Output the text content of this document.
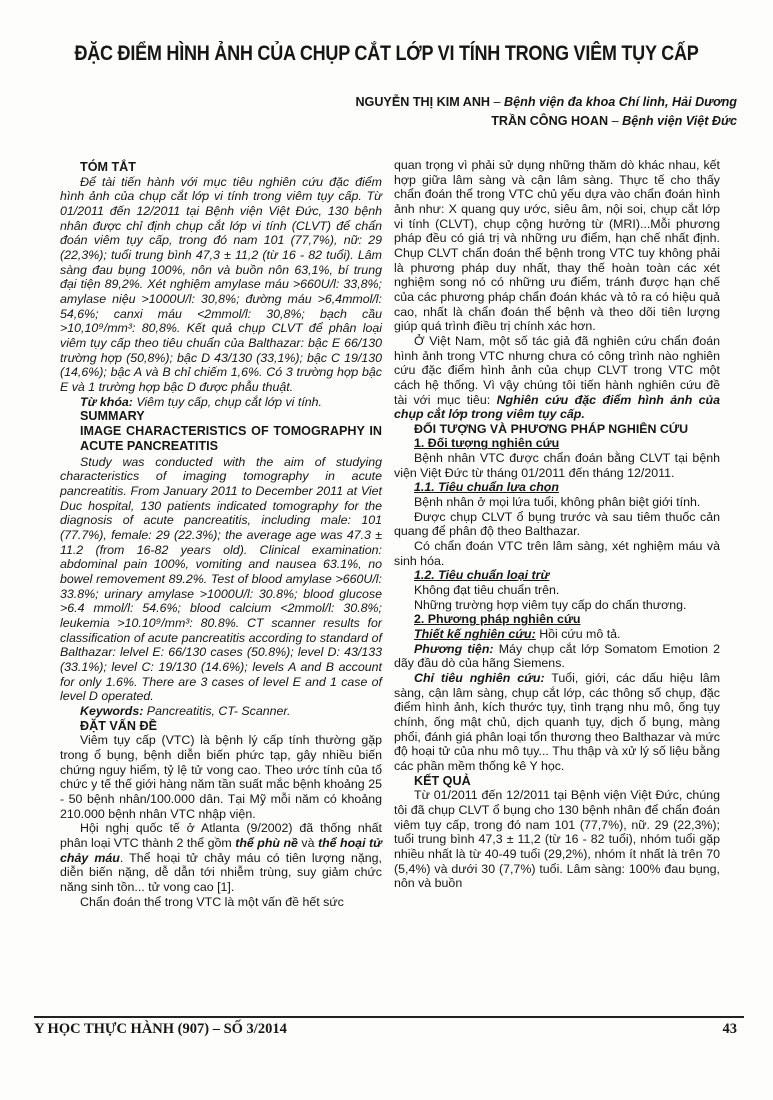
ĐẶC ĐIỂM HÌNH ẢNH CỦA CHỤP CẮT LỚP VI TÍNH TRONG VIÊM TỤY CẤP
NGUYỄN THỊ KIM ANH – Bệnh viện đa khoa Chí linh, Hải Dương
TRẦN CÔNG HOAN – Bệnh viện Việt Đức

TÓM TẮT

Để tài tiến hành với mục tiêu nghiên cứu đặc điểm hình ảnh của chụp cắt lớp vi tính trong viêm tụy cấp. Từ 01/2011 đến 12/2011 tại Bệnh viện Việt Đức, 130 bệnh nhân được chỉ định chụp cắt lớp vi tính (CLVT) để chẩn đoán viêm tụy cấp, trong đó nam 101 (77,7%), nữ: 29 (22,3%); tuổi trung bình 47,3 ± 11,2 (từ 16 - 82 tuổi). Lâm sàng đau bụng 100%, nôn và buồn nôn 63,1%, bí trung đại tiện 89,2%. Xét nghiệm amylase máu >660U/l: 33,8%; amylase niệu >1000U/l: 30,8%; đường máu >6,4mmol/l: 54,6%; canxi máu <2mmol/l: 30,8%; bạch cầu >10,10⁹/mm³: 80,8%. Kết quả chụp CLVT để phân loại viêm tụy cấp theo tiêu chuẩn của Balthazar: bậc E 66/130 trường hợp (50,8%); bậc D 43/130 (33,1%); bậc C 19/130 (14,6%); bậc A và B chỉ chiếm 1,6%. Có 3 trường hợp bậc E và 1 trường hợp bậc D được phẫu thuật.

Từ khóa: Viêm tụy cấp, chụp cắt lớp vi tính.

SUMMARY

IMAGE CHARACTERISTICS OF TOMOGRAPHY IN ACUTE PANCREATITIS

Study was conducted with the aim of studying characteristics of imaging tomography in acute pancreatitis. From January 2011 to December 2011 at Viet Duc hospital, 130 patients indicated tomography for the diagnosis of acute pancreatitis, including male: 101 (77.7%), female: 29 (22.3%); the average age was 47.3 ± 11.2 (from 16-82 years old). Clinical examination: abdominal pain 100%, vomiting and nausea 63.1%, no bowel removement 89.2%. Test of blood amylase >660U/l: 33.8%; urinary amylase >1000U/l: 30.8%; blood glucose >6.4 mmol/l: 54.6%; blood calcium <2mmol/l: 30.8%; leukemia >10.10⁹/mm³: 80.8%. CT scanner results for classification of acute pancreatitis according to standard of Balthazar: lelvel E: 66/130 cases (50.8%); level D: 43/133 (33.1%); level C: 19/130 (14.6%); levels A and B account for only 1.6%. There are 3 cases of level E and 1 case of level D operated.

Keywords: Pancreatitis, CT- Scanner.

ĐẶT VẤN ĐỀ

Viêm tụy cấp (VTC) là bệnh lý cấp tính thường gặp trong ổ bụng, bệnh diễn biến phức tạp, gây nhiều biến chứng nguy hiểm, tỷ lệ tử vong cao. Theo ước tính của tổ chức y tế thế giới hàng năm tần suất mắc bệnh khoảng 25 - 50 bệnh nhân/100.000 dân. Tại Mỹ mỗi năm có khoảng 210.000 bệnh nhân VTC nhập viện.

Hội nghị quốc tế ở Atlanta (9/2002) đã thống nhất phân loại VTC thành 2 thể gồm thể phù nề và thể hoại tử chảy máu. Thể hoại tử chảy máu có tiên lượng nặng, diễn biến nặng, dễ dẫn tới nhiễm trùng, suy giảm chức năng sinh tồn... tử vong cao [1].

Chẩn đoán thể trong VTC là một vấn đề hết sức

quan trọng vì phải sử dụng những thăm dò khác nhau, kết hợp giữa lâm sàng và cận lâm sàng. Thực tế cho thấy chẩn đoán thể trong VTC chủ yếu dựa vào chẩn đoán hình ảnh như: X quang quy ước, siêu âm, nội soi, chụp cắt lớp vi tính (CLVT), chụp cộng hưởng từ (MRI)...Mỗi phương pháp đều có giá trị và những ưu điểm, hạn chế nhất định. Chụp CLVT chẩn đoán thể bệnh trong VTC tuy không phải là phương pháp duy nhất, thay thế hoàn toàn các xét nghiệm song nó có những ưu điểm, tránh được hạn chế của các phương pháp chẩn đoán khác và tỏ ra có hiệu quả cao, nhất là chẩn đoán thể bệnh và theo dõi tiên lượng giúp quá trình điều trị chính xác hơn.

Ở Việt Nam, một số tác giả đã nghiên cứu chẩn đoán hình ảnh trong VTC nhưng chưa có công trình nào nghiên cứu đặc điểm hình ảnh của chụp CLVT trong VTC một cách hệ thống. Vì vậy chúng tôi tiến hành nghiên cứu đề tài với mục tiêu: Nghiên cứu đặc điểm hình ảnh của chụp cắt lớp trong viêm tụy cấp.

ĐỐI TƯỢNG VÀ PHƯƠNG PHÁP NGHIÊN CỨU

1. Đối tượng nghiên cứu

Bệnh nhân VTC được chẩn đoán bằng CLVT tại bệnh viện Việt Đức từ tháng 01/2011 đến tháng 12/2011.

1.1. Tiêu chuẩn lựa chọn

Bệnh nhân ở mọi lứa tuổi, không phân biệt giới tính.

Được chụp CLVT ổ bụng trước và sau tiêm thuốc cản quang để phân độ theo Balthazar.

Có chẩn đoán VTC trên lâm sàng, xét nghiệm máu và sinh hóa.

1.2. Tiêu chuẩn loại trừ

Không đạt tiêu chuẩn trên.

Những trường hợp viêm tụy cấp do chấn thương.

2. Phương pháp nghiên cứu

Thiết kế nghiên cứu: Hồi cứu mô tả.

Phương tiện: Máy chụp cắt lớp Somatom Emotion 2 dãy đầu dò của hãng Siemens.

Chỉ tiêu nghiên cứu: Tuổi, giới, các dấu hiệu lâm sàng, cận lâm sàng, chụp cắt lớp, các thông số chụp, đặc điểm hình ảnh, kích thước tụy, tình trạng nhu mô, ống tụy chính, ống mật chủ, dịch quanh tụy, dịch ổ bụng, màng phổi, đánh giá phân loại tổn thương theo Balthazar và mức độ hoại tử của nhu mô tụy... Thu thập và xử lý số liệu bằng các phần mềm thống kê Y học.

KẾT QUẢ

Từ 01/2011 đến 12/2011 tại Bệnh viện Việt Đức, chúng tôi đã chụp CLVT ổ bụng cho 130 bệnh nhân để chẩn đoán viêm tụy cấp, trong đó nam 101 (77,7%), nữ. 29 (22,3%); tuổi trung bình 47,3 ± 11,2 (từ 16 - 82 tuổi), nhóm tuổi gặp nhiều nhất là từ 40-49 tuổi (29,2%), nhóm ít nhất là trên 70 (5,4%) và dưới 30 (7,7%) tuổi. Lâm sàng: 100% đau bụng, nôn và buồn

Y HỌC THỰC HÀNH (907) – SỐ 3/2014	43
